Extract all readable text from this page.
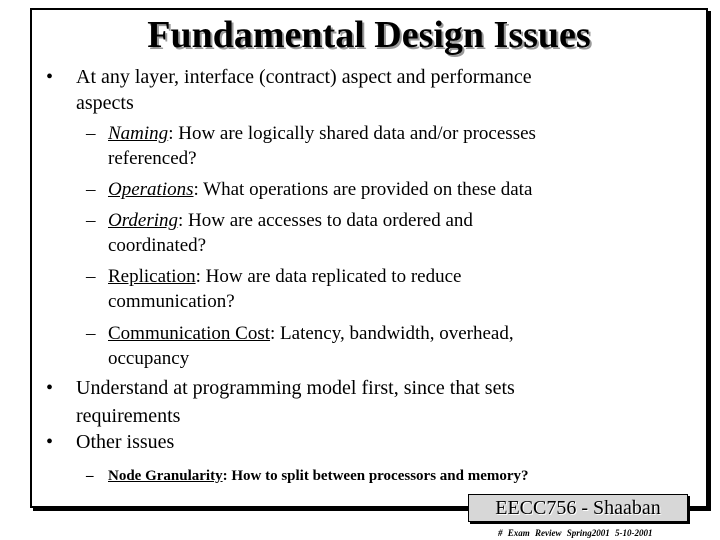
Fundamental Design Issues
• At any layer, interface (contract) aspect and performance
aspects
– Naming: How are logically shared data and/or processes
referenced?
– Operations: What operations are provided on these data
– Ordering: How are accesses to data ordered and
coordinated?
– Replication: How are data replicated to reduce
communication?
– Communication Cost: Latency, bandwidth, overhead,
occupancy
• Understand at programming model first, since that sets
requirements
• Other issues
– Node Granularity: How to split between processors and memory?
EECC756 - Shaaban
# Exam Review Spring2001 5-10-2001
